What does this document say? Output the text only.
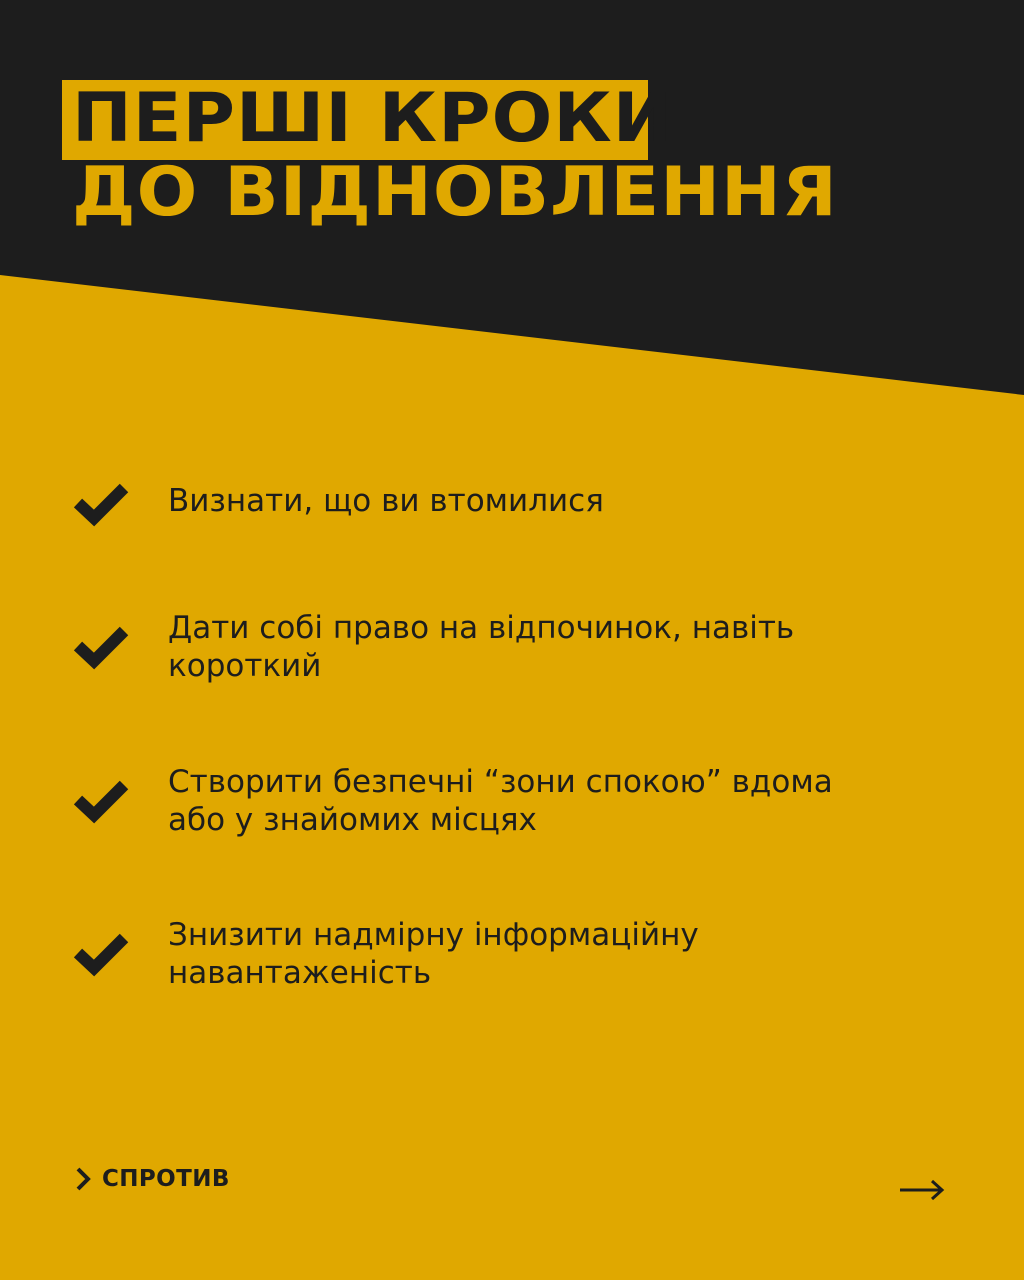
ПЕРШІ КРОКИ
ДО ВІДНОВЛЕННЯ

Визнати, що ви втомилися

Дати собі право на відпочинок, навіть короткий

Створити безпечні “зони спокою” вдома або у знайомих місцях

Знизити надмірну інформаційну навантаженість

СПРОТИВ
